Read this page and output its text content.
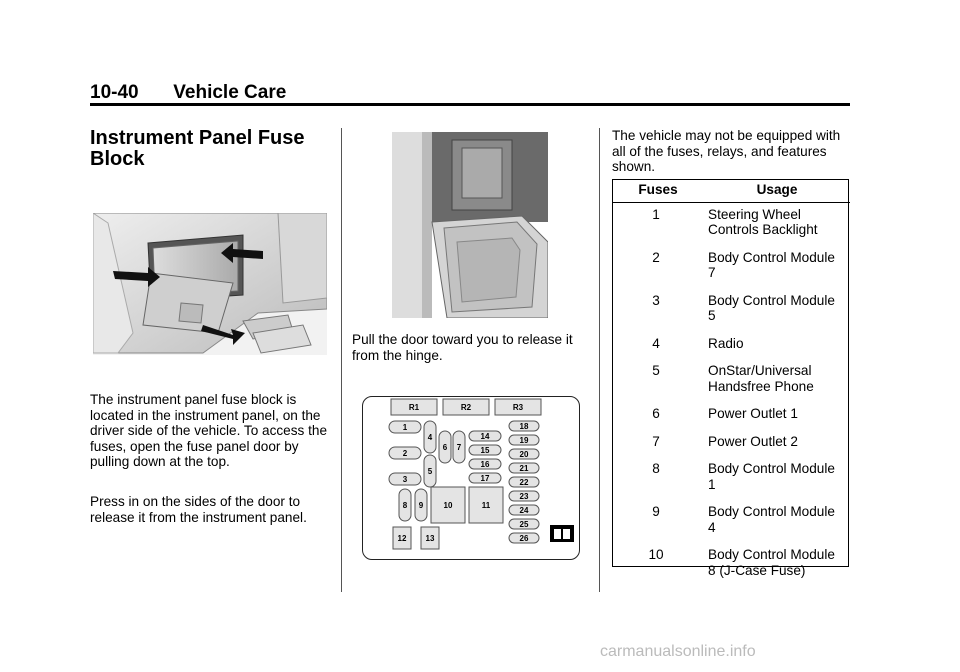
10-40 Vehicle Care
Instrument Panel Fuse Block

The instrument panel fuse block is located in the instrument panel, on the driver side of the vehicle. To access the fuses, open the fuse panel door by pulling down at the top.

Press in on the sides of the door to release it from the instrument panel.

Pull the door toward you to release it from the hinge.

R1	R2	R3
1
2
3
4
5
6 7
14
15
16
17
8 9	10	11
12 13
18
19
20
21
22
23
24
25
26

The vehicle may not be equipped with all of the fuses, relays, and features shown.

Fuses	Usage
1	Steering Wheel Controls Backlight
2	Body Control Module 7
3	Body Control Module 5
4	Radio
5	OnStar/Universal Handsfree Phone
6	Power Outlet 1
7	Power Outlet 2
8	Body Control Module 1
9	Body Control Module 4
10	Body Control Module 8 (J-Case Fuse)
carmanualsonline.info
